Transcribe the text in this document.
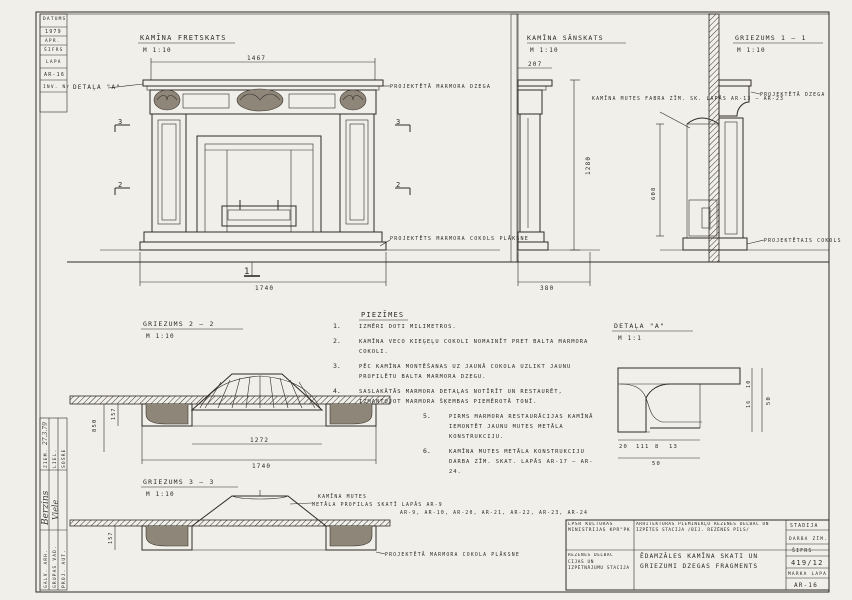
DATUMS
1979
APR.
ŠIFRS
LAPA
AR-16
INV. Nr
GALV. ARH. GRUPAS VAD. PROJ. AUT.
ZIEM. LIEL. SOŠRE
27.3.79
Berzins Viele
KAMĪNA FRETSKATS
M 1:10
1467
3	3
2	2
1
1740
DETAĻA "A"	PROJEKTĒTĀ MARMORA DZEGA
PROJEKTĒTS MARMORA COKOLS PLĀKSNE
KAMĪNA SĀNSKATS
M 1:10
1280
207
380
GRIEZUMS 1 — 1
M 1:10
608
KAMĪNA MUTES FABRA ZĪM. SK. LAPĀS AR-13 — AR-23
PROJEKTĒTĀ DZEGA
PROJEKTĒTAIS COKOLS
GRIEZUMS 2 — 2
M 1:10
850
157
1272
1740
GRIEZUMS 3 — 3
M 1:10
157
KAMĪNA MUTES
METĀLA PROFILAS SKATĪ LAPĀS AR-9
AR-9, AR-10, AR-20, AR-21, AR-22, AR-23, AR-24
PROJEKTĒTĀ MARMORA COKOLA PLĀKSNE
PIEZĪMES
DETAĻA "A"
M 1:1
20 111 8 13
50
10
16	50
LPSR KULTŪRAS MINISTRIJAS KPR"PK
ARHITEKTŪRAS PIEMINEKĻU REZĒNES DELBAC UN IZPĒTES STACIJA /BIJ. REZĒNES PILS/
REZĒNES DELBAC CIJAS UN IZPĒTNĀJUMU STACIJA
ĒDAMZĀLES KAMĪNA SKATI UN GRIEZUMI DZEGAS FRAGMENTS
STADIJA
DARBA ZĪM.
ŠIFRS
419/12
MARKA LAPA
AR-16
1.	IZMĒRI DOTI MILIMETROS.
2.	KAMĪNA VECO KIEĢEĻU COKOLI NOMAINĪT PRET BALTA MARMORA COKOLI.
3.	PĒC KAMĪNA MONTĒŠANAS UZ JAUNĀ COKOLA UZLIKT JAUNU PROFILĒTU BALTA MARMORA DZEGU.
4.	SASLAKĀTĀS MARMORA DETAĻAS NOTĪRĪT UN RESTAURĒT, IZMANTOJOT MARMORA ŠĶEMBAS PIEMĒROTĀ TONĪ.
5.	PIRMS MARMORA RESTAURĀCIJAS KAMĪNĀ IEMONTĒT JAUNU MUTES METĀLA KONSTRUKCIJU.
6.	KAMĪNA MUTES METĀLA KONSTRUKCIJU DARBA ZĪM. SKAT. LAPĀS AR-17 — AR-24.
